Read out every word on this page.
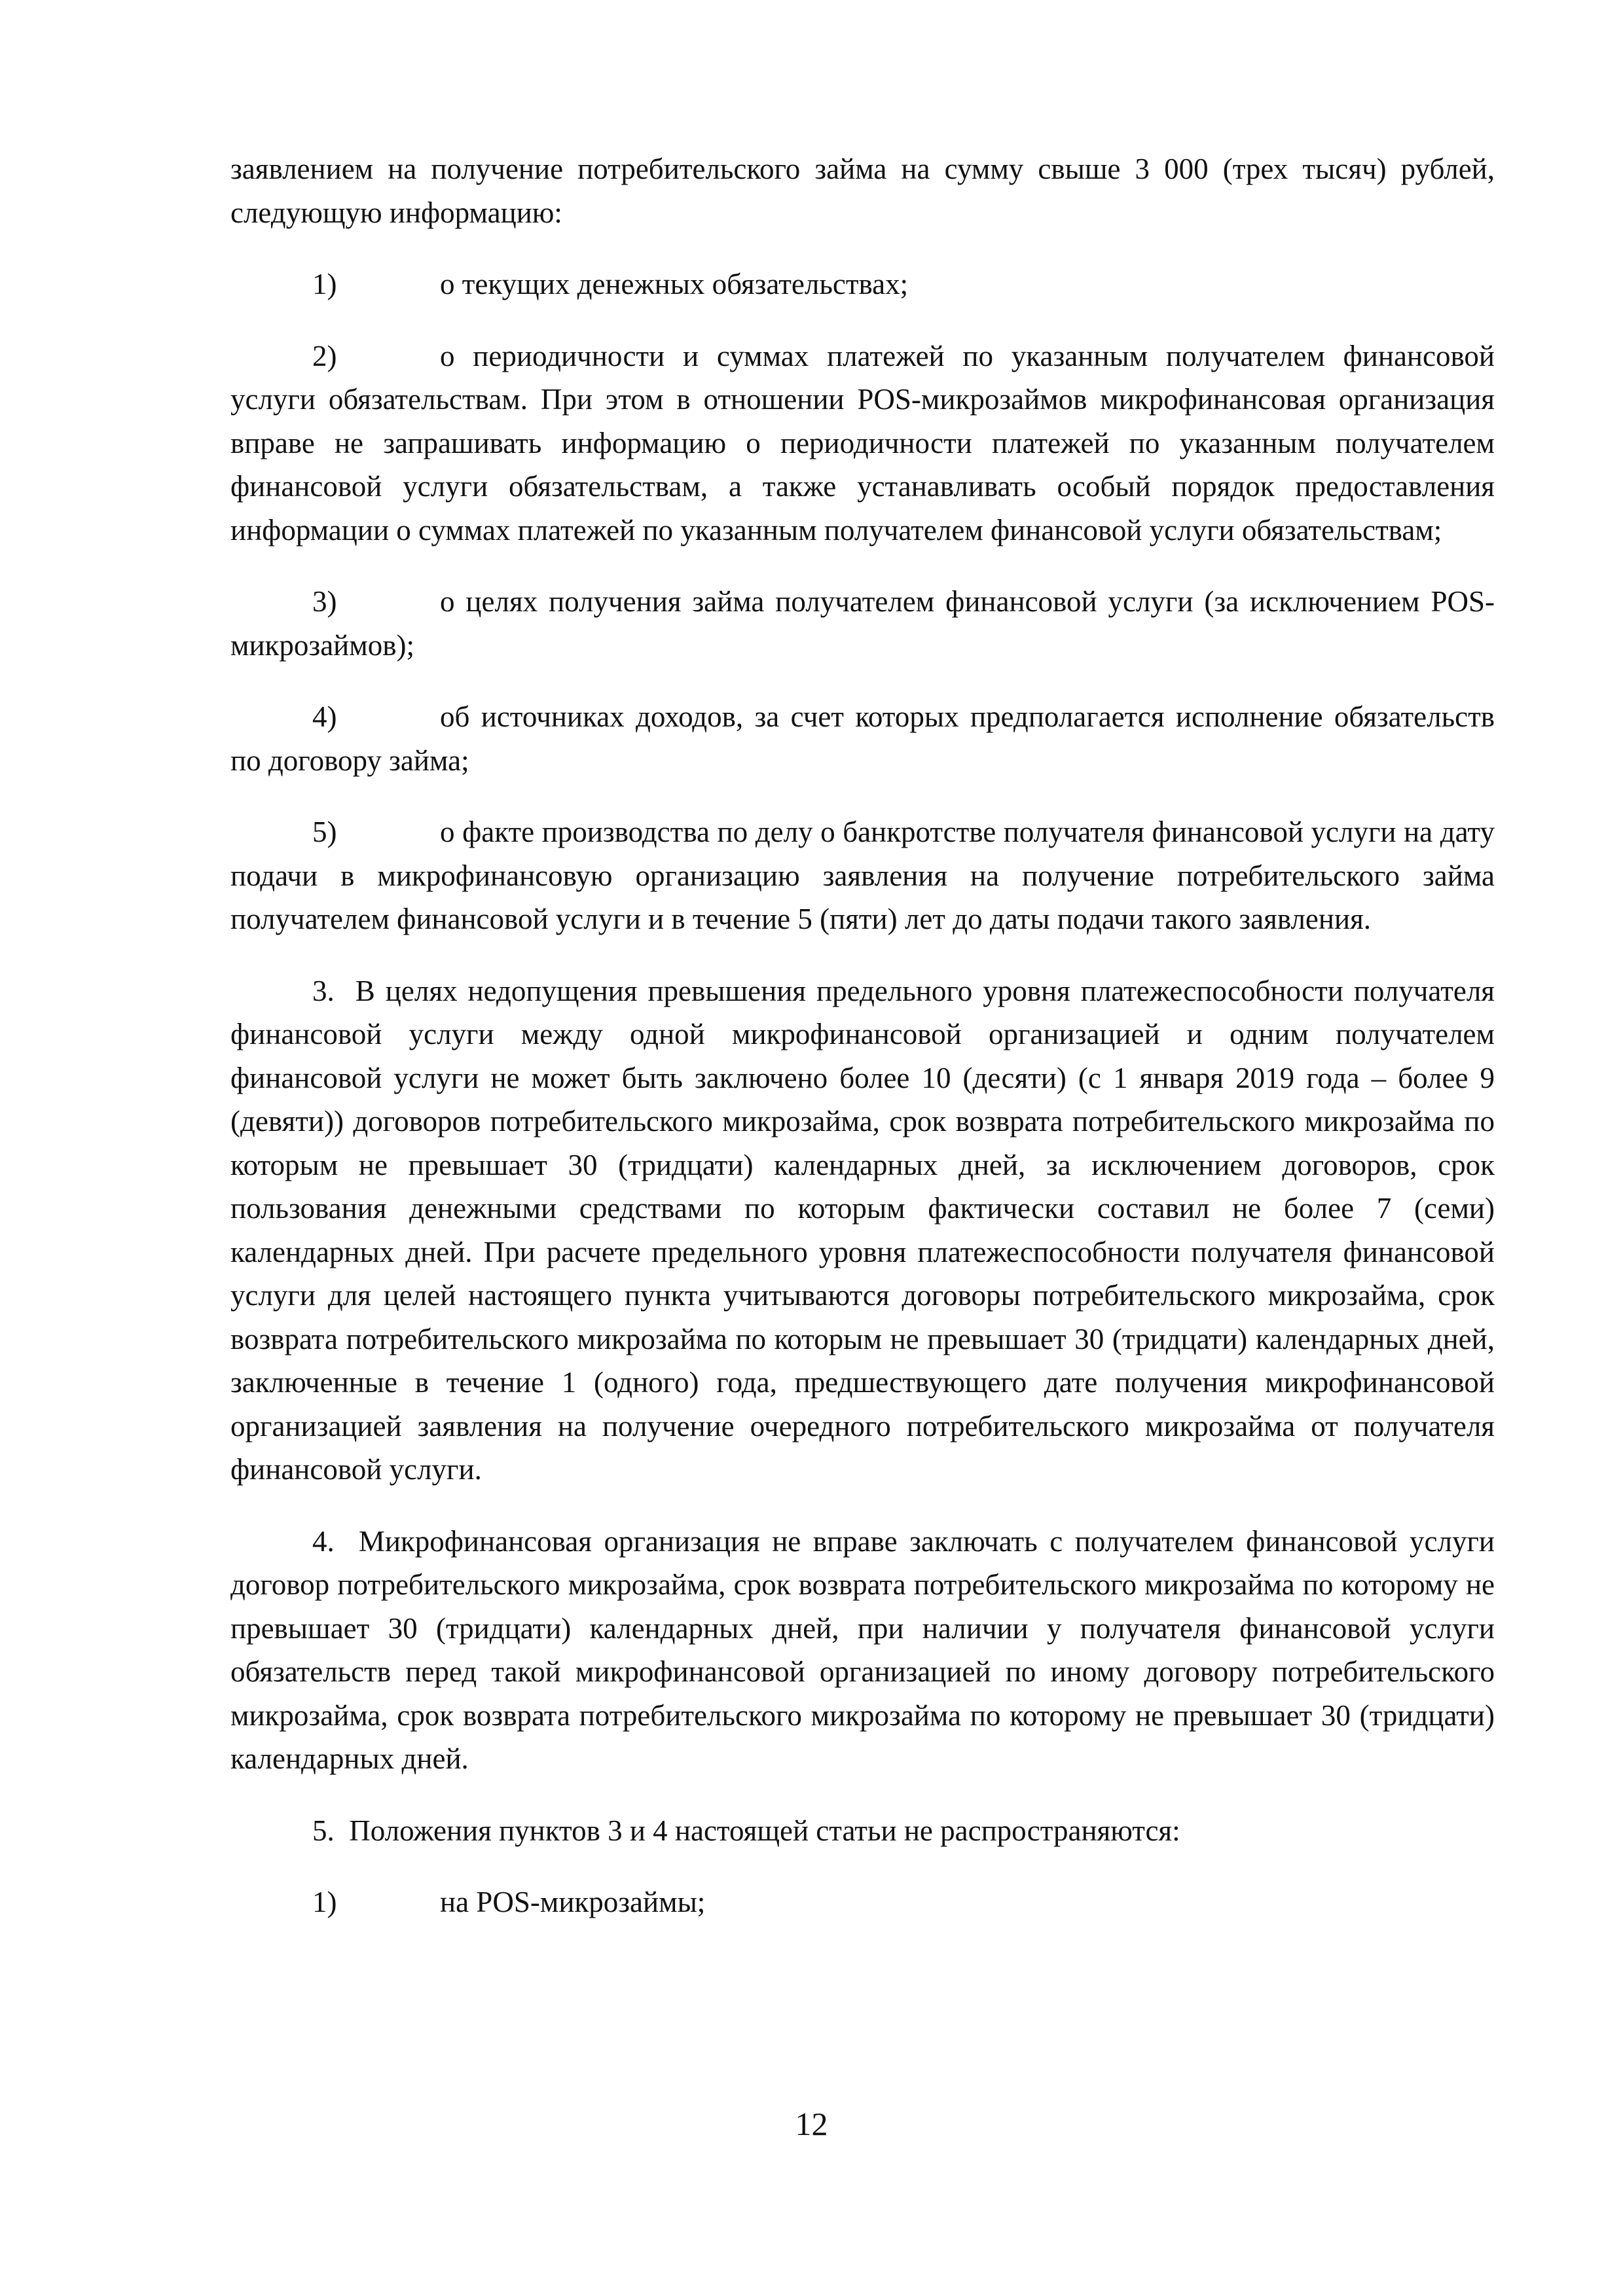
заявлением на получение потребительского займа на сумму свыше 3 000 (трех тысяч) рублей, следующую информацию:

1)	о текущих денежных обязательствах;

2)	о периодичности и суммах платежей по указанным получателем финансовой услуги обязательствам. При этом в отношении POS-микрозаймов микрофинансовая организация вправе не запрашивать информацию о периодичности платежей по указанным получателем финансовой услуги обязательствам, а также устанавливать особый порядок предоставления информации о суммах платежей по указанным получателем финансовой услуги обязательствам;

3)	о целях получения займа получателем финансовой услуги (за исключением POS-микрозаймов);

4)	об источниках доходов, за счет которых предполагается исполнение обязательств по договору займа;

5)	о факте производства по делу о банкротстве получателя финансовой услуги на дату подачи в микрофинансовую организацию заявления на получение потребительского займа получателем финансовой услуги и в течение 5 (пяти) лет до даты подачи такого заявления.

3. В целях недопущения превышения предельного уровня платежеспособности получателя финансовой услуги между одной микрофинансовой организацией и одним получателем финансовой услуги не может быть заключено более 10 (десяти) (с 1 января 2019 года – более 9 (девяти)) договоров потребительского микрозайма, срок возврата потребительского микрозайма по которым не превышает 30 (тридцати) календарных дней, за исключением договоров, срок пользования денежными средствами по которым фактически составил не более 7 (семи) календарных дней. При расчете предельного уровня платежеспособности получателя финансовой услуги для целей настоящего пункта учитываются договоры потребительского микрозайма, срок возврата потребительского микрозайма по которым не превышает 30 (тридцати) календарных дней, заключенные в течение 1 (одного) года, предшествующего дате получения микрофинансовой организацией заявления на получение очередного потребительского микрозайма от получателя финансовой услуги.

4. Микрофинансовая организация не вправе заключать с получателем финансовой услуги договор потребительского микрозайма, срок возврата потребительского микрозайма по которому не превышает 30 (тридцати) календарных дней, при наличии у получателя финансовой услуги обязательств перед такой микрофинансовой организацией по иному договору потребительского микрозайма, срок возврата потребительского микрозайма по которому не превышает 30 (тридцати) календарных дней.

5. Положения пунктов 3 и 4 настоящей статьи не распространяются:

1)	на POS-микрозаймы;

12
